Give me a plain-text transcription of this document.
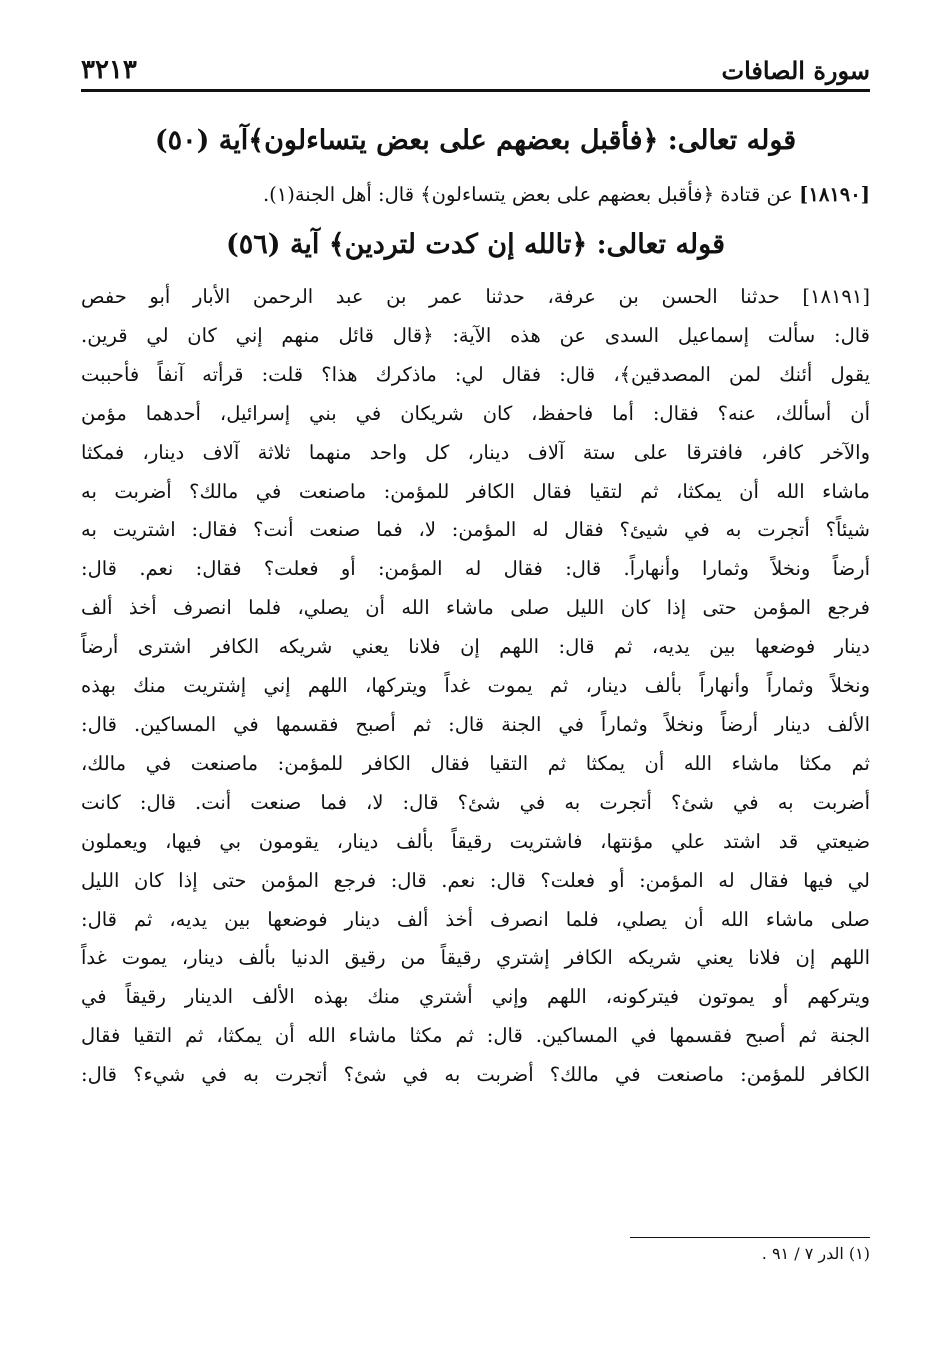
سورة الصافات
٣٢١٣
قوله تعالى: ﴿فأقبل بعضهم على بعض يتساءلون﴾آية (٥٠)
[١٨١٩٠] عن قتادة ﴿فأقبل بعضهم على بعض يتساءلون﴾ قال: أهل الجنة(١).
قوله تعالى: ﴿تالله إن كدت لتردين﴾ آية (٥٦)
[١٨١٩١] حدثنا الحسن بن عرفة، حدثنا عمر بن عبد الرحمن الأبار أبو حفص
قال: سألت إسماعيل السدى عن هذه الآية: ﴿قال قائل منهم إني كان لي قرين.
يقول أئنك لمن المصدقين﴾، قال: فقال لي: ماذكرك هذا؟ قلت: قرأته آنفاً فأحببت
أن أسألك، عنه؟ فقال: أما فاحفظ، كان شريكان في بني إسرائيل، أحدهما مؤمن
والآخر كافر، فافترقا على ستة آلاف دينار، كل واحد منهما ثلاثة آلاف دينار، فمكثا
ماشاء الله أن يمكثا، ثم لتقيا فقال الكافر للمؤمن: ماصنعت في مالك؟ أضربت به
شيئاً؟ أتجرت به في شيئ؟ فقال له المؤمن: لا، فما صنعت أنت؟ فقال: اشتريت به
أرضاً ونخلاً وثمارا وأنهاراً. قال: فقال له المؤمن: أو فعلت؟ فقال: نعم. قال:
فرجع المؤمن حتى إذا كان الليل صلى ماشاء الله أن يصلي، فلما انصرف أخذ ألف
دينار فوضعها بين يديه، ثم قال: اللهم إن فلانا يعني شريكه الكافر اشترى أرضاً
ونخلاً وثماراً وأنهاراً بألف دينار، ثم يموت غداً ويتركها، اللهم إني إشتريت منك بهذه
الألف دينار أرضاً ونخلاً وثماراً في الجنة قال: ثم أصبح فقسمها في المساكين. قال:
ثم مكثا ماشاء الله أن يمكثا ثم التقيا فقال الكافر للمؤمن: ماصنعت في مالك،
أضربت به في شئ؟ أتجرت به في شئ؟ قال: لا، فما صنعت أنت. قال: كانت
ضيعتي قد اشتد علي مؤنتها، فاشتريت رقيقاً بألف دينار، يقومون بي فيها، ويعملون
لي فيها فقال له المؤمن: أو فعلت؟ قال: نعم. قال: فرجع المؤمن حتى إذا كان الليل
صلى ماشاء الله أن يصلي، فلما انصرف أخذ ألف دينار فوضعها بين يديه، ثم قال:
اللهم إن فلانا يعني شريكه الكافر إشتري رقيقاً من رقيق الدنيا بألف دينار، يموت غداً
ويتركهم أو يموتون فيتركونه، اللهم وإني أشتري منك بهذه الألف الدينار رقيقاً في
الجنة ثم أصبح فقسمها في المساكين. قال: ثم مكثا ماشاء الله أن يمكثا، ثم التقيا فقال
الكافر للمؤمن: ماصنعت في مالك؟ أضربت به في شئ؟ أتجرت به في شيء؟ قال:
(١) الدر ٧ / ٩١ .
